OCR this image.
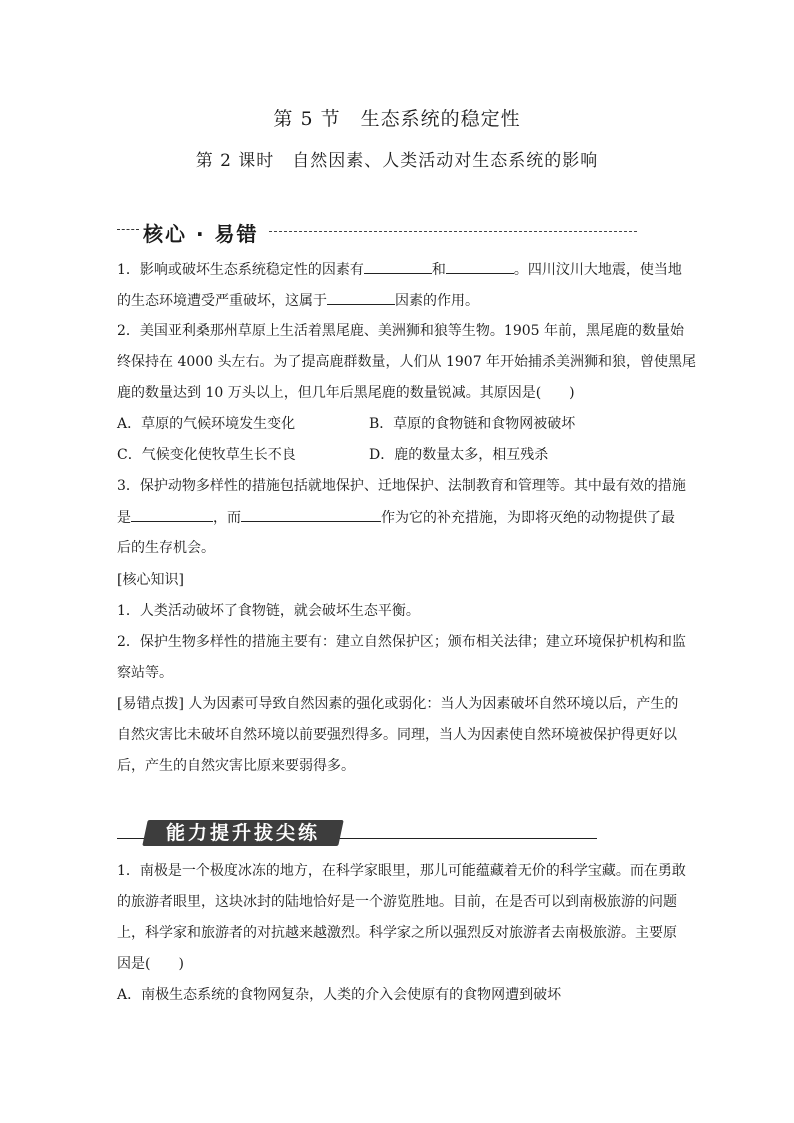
第 5 节　生态系统的稳定性
第 2 课时　自然因素、人类活动对生态系统的影响
核心 · 易错
1．影响或破坏生态系统稳定性的因素有	和	。四川汶川大地震，使当地
的生态环境遭受严重破坏，这属于	因素的作用。
2．美国亚利桑那州草原上生活着黑尾鹿、美洲狮和狼等生物。1905 年前，黑尾鹿的数量始
终保持在 4000 头左右。为了提高鹿群数量，人们从 1907 年开始捕杀美洲狮和狼，曾使黑尾
鹿的数量达到 10 万头以上，但几年后黑尾鹿的数量锐减。其原因是(　　)
A．草原的气候环境发生变化	B．草原的食物链和食物网被破坏
C．气候变化使牧草生长不良	D．鹿的数量太多，相互残杀
3．保护动物多样性的措施包括就地保护、迁地保护、法制教育和管理等。其中最有效的措施
是	，而	作为它的补充措施，为即将灭绝的动物提供了最
后的生存机会。
[核心知识]
1．人类活动破坏了食物链，就会破坏生态平衡。
2．保护生物多样性的措施主要有：建立自然保护区；颁布相关法律；建立环境保护机构和监
察站等。
[易错点拨] 人为因素可导致自然因素的强化或弱化：当人为因素破坏自然环境以后，产生的
自然灾害比未破坏自然环境以前要强烈得多。同理，当人为因素使自然环境被保护得更好以
后，产生的自然灾害比原来要弱得多。
能力提升拔尖练
1．南极是一个极度冰冻的地方，在科学家眼里，那儿可能蕴藏着无价的科学宝藏。而在勇敢
的旅游者眼里，这块冰封的陆地恰好是一个游览胜地。目前，在是否可以到南极旅游的问题
上，科学家和旅游者的对抗越来越激烈。科学家之所以强烈反对旅游者去南极旅游。主要原
因是(　　)
A．南极生态系统的食物网复杂，人类的介入会使原有的食物网遭到破坏
